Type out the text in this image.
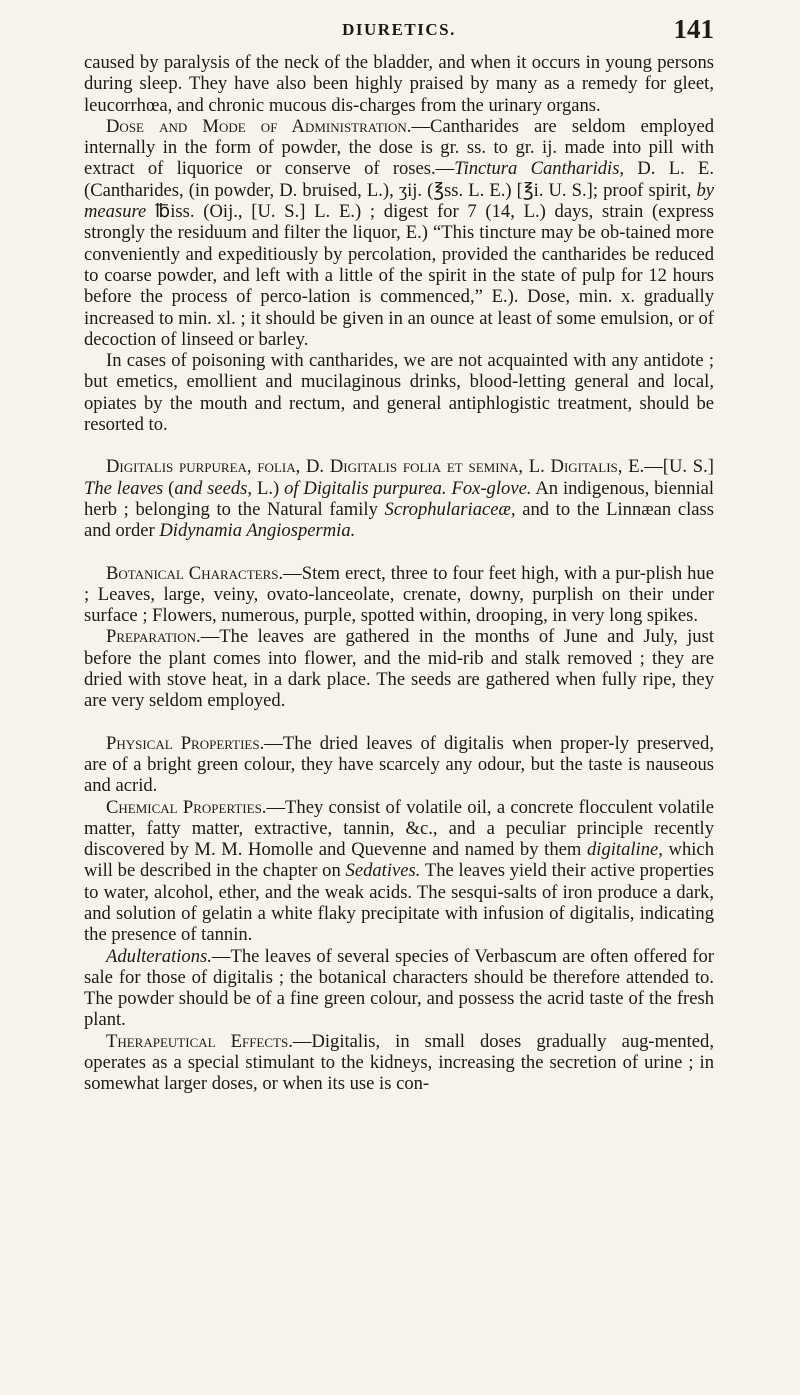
DIURETICS.	141

caused by paralysis of the neck of the bladder, and when it occurs in young persons during sleep. They have also been highly praised by many as a remedy for gleet, leucorrhœa, and chronic mucous dis-charges from the urinary organs.

Dose and Mode of Administration.—Cantharides are seldom employed internally in the form of powder, the dose is gr. ss. to gr. ij. made into pill with extract of liquorice or conserve of roses.—Tinctura Cantharidis, D. L. E. (Cantharides, (in powder, D. bruised, L.), ʒij. (℥ss. L. E.) [℥i. U. S.]; proof spirit, by measure ℔iss. (Oij., [U. S.] L. E.) ; digest for 7 (14, L.) days, strain (express strongly the residuum and filter the liquor, E.) “This tincture may be ob-tained more conveniently and expeditiously by percolation, provided the cantharides be reduced to coarse powder, and left with a little of the spirit in the state of pulp for 12 hours before the process of perco-lation is commenced,” E.). Dose, min. x. gradually increased to min. xl. ; it should be given in an ounce at least of some emulsion, or of decoction of linseed or barley.

In cases of poisoning with cantharides, we are not acquainted with any antidote ; but emetics, emollient and mucilaginous drinks, blood-letting general and local, opiates by the mouth and rectum, and general antiphlogistic treatment, should be resorted to.

Digitalis purpurea, folia, D. Digitalis folia et semina, L. Digitalis, E.—[U. S.] The leaves (and seeds, L.) of Digitalis purpurea. Fox-glove. An indigenous, biennial herb ; belonging to the Natural family Scrophulariaceæ, and to the Linnæan class and order Didynamia Angiospermia.

Botanical Characters.—Stem erect, three to four feet high, with a pur-plish hue ; Leaves, large, veiny, ovato-lanceolate, crenate, downy, purplish on their under surface ; Flowers, numerous, purple, spotted within, drooping, in very long spikes.

Preparation.—The leaves are gathered in the months of June and July, just before the plant comes into flower, and the mid-rib and stalk removed ; they are dried with stove heat, in a dark place. The seeds are gathered when fully ripe, they are very seldom employed.

Physical Properties.—The dried leaves of digitalis when proper-ly preserved, are of a bright green colour, they have scarcely any odour, but the taste is nauseous and acrid.

Chemical Properties.—They consist of volatile oil, a concrete flocculent volatile matter, fatty matter, extractive, tannin, &c., and a peculiar principle recently discovered by M. M. Homolle and Quevenne and named by them digitaline, which will be described in the chapter on Sedatives. The leaves yield their active properties to water, alcohol, ether, and the weak acids. The sesqui-salts of iron produce a dark, and solution of gelatin a white flaky precipitate with infusion of digitalis, indicating the presence of tannin.

Adulterations.—The leaves of several species of Verbascum are often offered for sale for those of digitalis ; the botanical characters should be therefore attended to. The powder should be of a fine green colour, and possess the acrid taste of the fresh plant.

Therapeutical Effects.—Digitalis, in small doses gradually aug-mented, operates as a special stimulant to the kidneys, increasing the secretion of urine ; in somewhat larger doses, or when its use is con-
